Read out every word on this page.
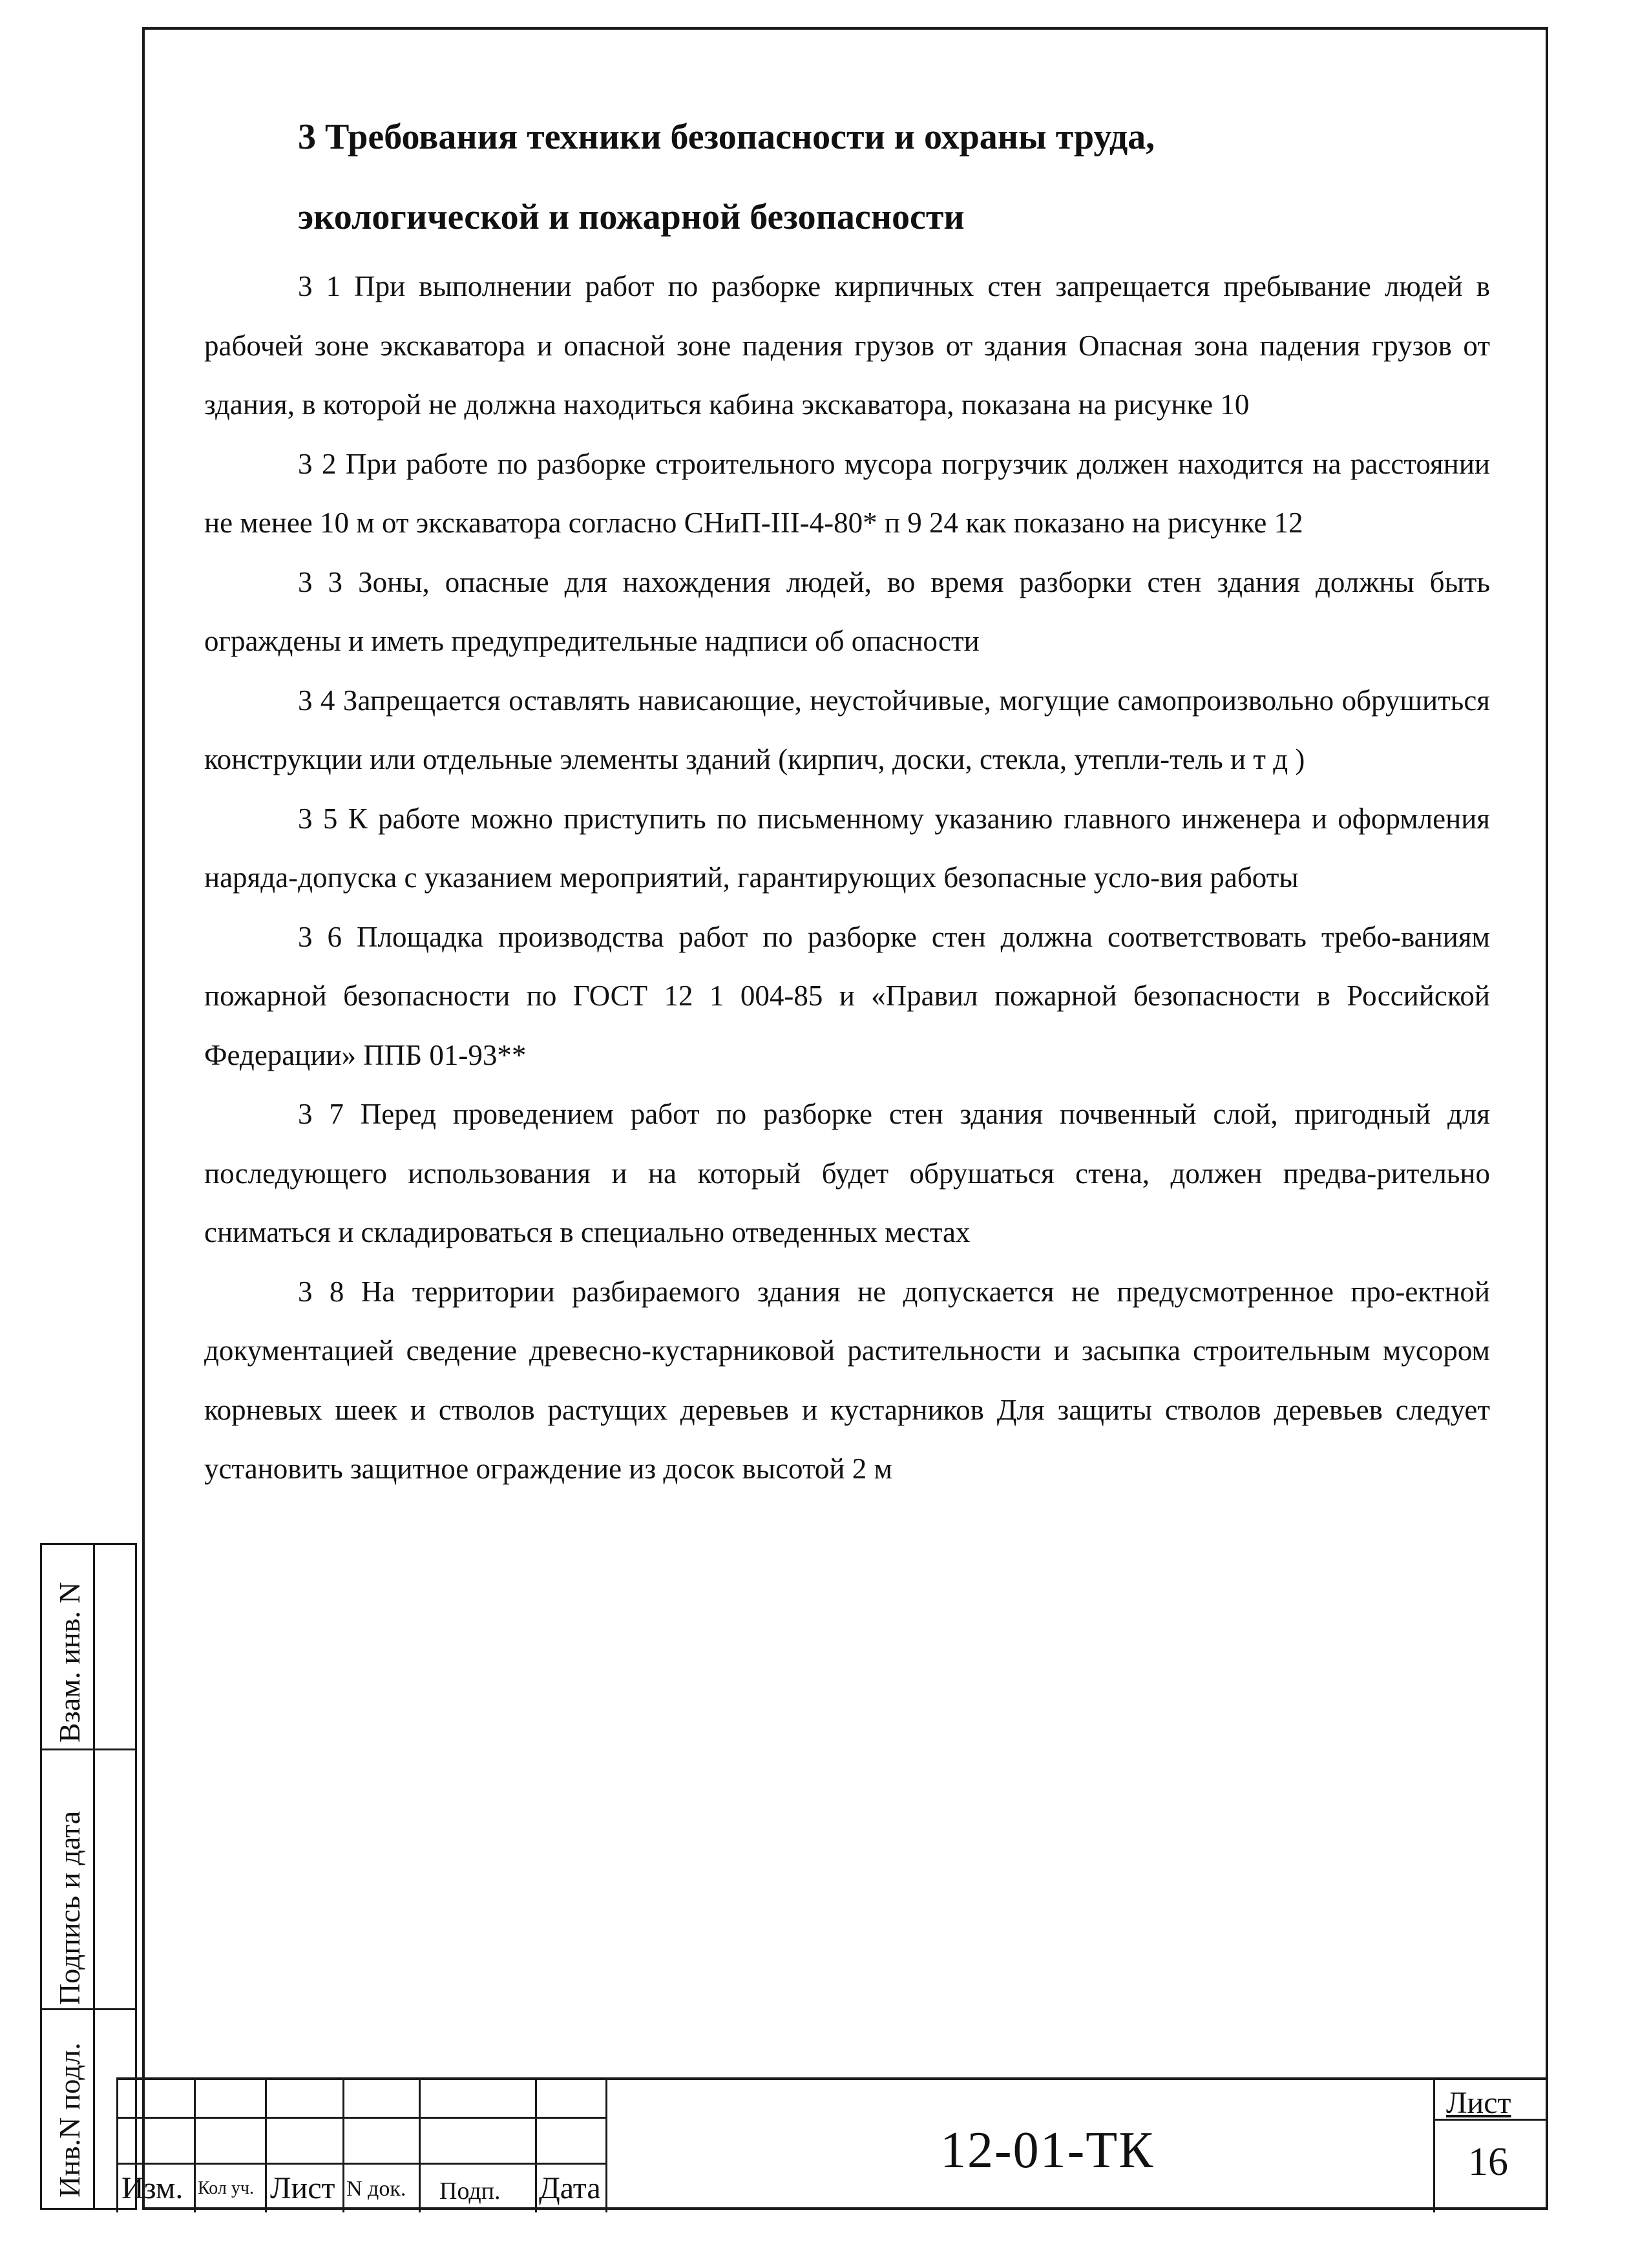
3 Требования техники безопасности и охраны труда,

экологической и пожарной безопасности

3 1 При выполнении работ по разборке кирпичных стен запрещается пребывание людей в рабочей зоне экскаватора и опасной зоне падения грузов от здания Опасная зона падения грузов от здания, в которой не должна находиться кабина экскаватора, показана на рисунке 10

3 2 При работе по разборке строительного мусора погрузчик должен находится на расстоянии не менее 10 м от экскаватора согласно СНиП-III-4-80* п 9 24 как показано на рисунке 12

3 3 Зоны, опасные для нахождения людей, во время разборки стен здания должны быть ограждены и иметь предупредительные надписи об опасности

3 4 Запрещается оставлять нависающие, неустойчивые, могущие самопроизвольно обрушиться конструкции или отдельные элементы зданий (кирпич, доски, стекла, утепли-тель и т д )

3 5 К работе можно приступить по письменному указанию главного инженера и оформления наряда-допуска с указанием мероприятий, гарантирующих безопасные усло-вия работы

3 6 Площадка производства работ по разборке стен должна соответствовать требо-ваниям пожарной безопасности по ГОСТ 12 1 004-85 и «Правил пожарной безопасности в Российской Федерации» ППБ 01-93**

3 7 Перед проведением работ по разборке стен здания почвенный слой, пригодный для последующего использования и на который будет обрушаться стена, должен предва-рительно сниматься и складироваться в специально отведенных местах

3 8 На территории разбираемого здания не допускается не предусмотренное про-ектной документацией сведение древесно-кустарниковой растительности и засыпка строительным мусором корневых шеек и стволов растущих деревьев и кустарников Для защиты стволов деревьев следует установить защитное ограждение из досок высотой 2 м

Инв.N подл.
Подпись и дата
Взам. инв. N
Изм. Кол уч. Лист N док. Подп. Дата
Лист
16
12-01-ТК
